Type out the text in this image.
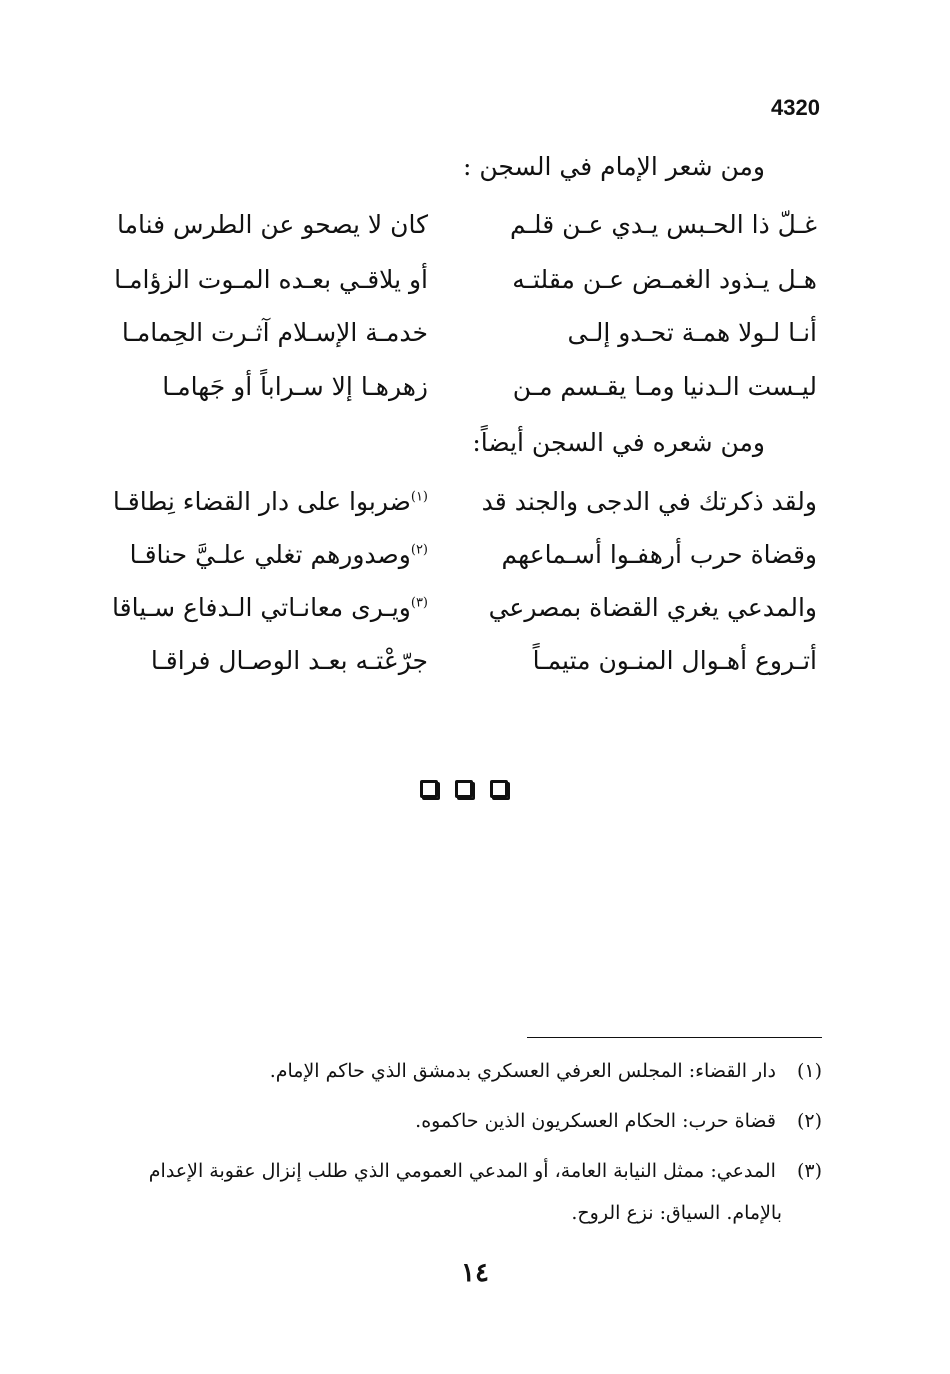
4320
ومن شعر الإمام في السجن :
غـلّ ذا الحـبس يـدي عـن قلـم
كان لا يصحو عن الطرس فناما
هـل يـذود الغمـض عـن مقلتـه
أو يلاقـي بعـده المـوت الزؤامـا
أنـا لـولا همـة تحـدو إلـى
خدمـة الإسـلام آثـرت الحِمامـا
ليـست الـدنيا ومـا يقـسم مـن
زهرهـا إلا سـراباً أو جَهامـا
ومن شعره في السجن أيضاً:
ولقد ذكرتك في الدجى والجند قد
$^{(١)}$ضربوا على دار القضاء نِطاقـا
وقضاة حرب أرهفـوا أسـماعهم
$^{(٢)}$وصدورهم تغلي علـيَّ حناقـا
والمدعي يغري القضاة بمصرعي
$^{(٣)}$ويـرى معانـاتي الـدفاع سـياقا
أتـروع أهـوال المنـون متيمـاً
جرّعْتـه بعـد الوصـال فراقـا
(١) دار القضاء: المجلس العرفي العسكري بدمشق الذي حاكم الإمام.
(٢) قضاة حرب: الحكام العسكريون الذين حاكموه.
(٣) المدعي: ممثل النيابة العامة، أو المدعي العمومي الذي طلب إنزال عقوبة الإعدام
بالإمام. السياق: نزع الروح.
١٤
